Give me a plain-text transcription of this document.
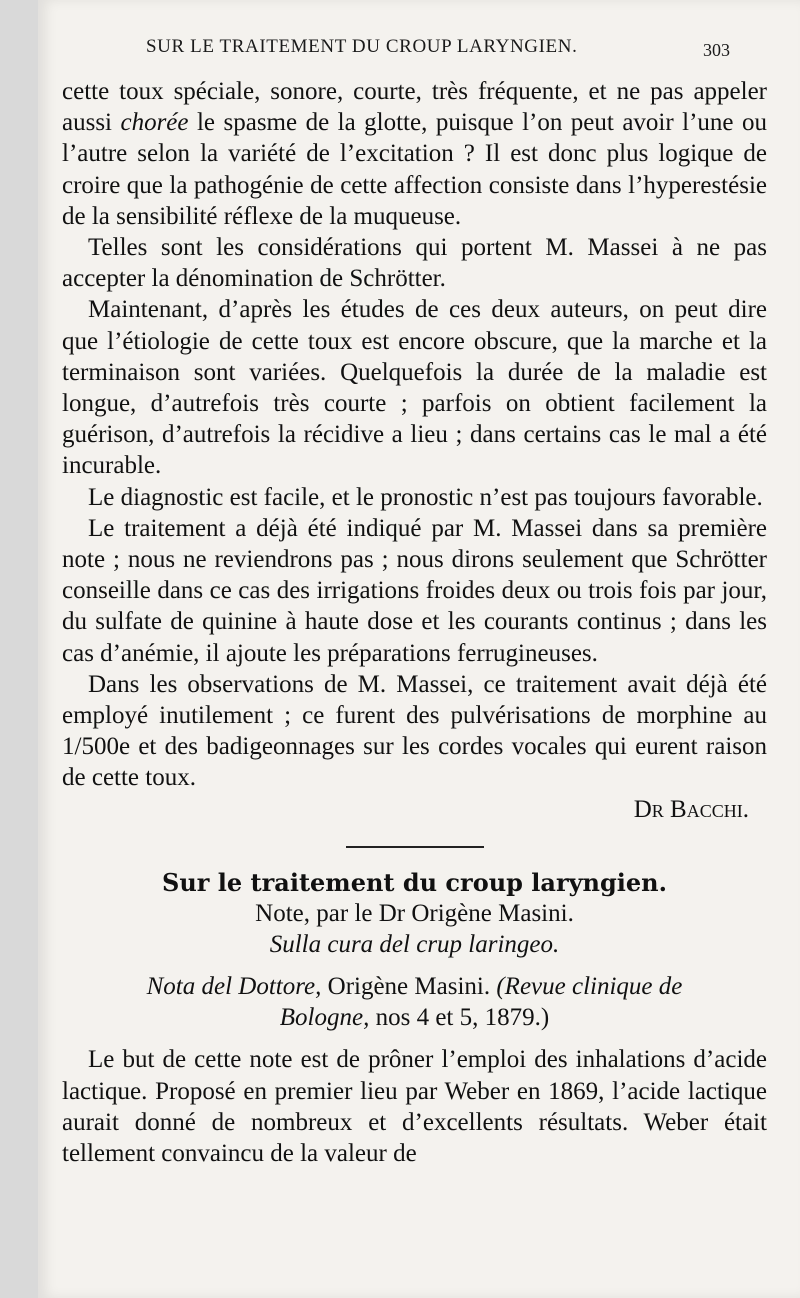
SUR LE TRAITEMENT DU CROUP LARYNGIEN.	303

cette toux spéciale, sonore, courte, très fréquente, et ne pas appeler aussi chorée le spasme de la glotte, puisque l’on peut avoir l’une ou l’autre selon la variété de l’excitation ? Il est donc plus logique de croire que la pathogénie de cette affection consiste dans l’hyperestésie de la sensibilité réflexe de la muqueuse.

Telles sont les considérations qui portent M. Massei à ne pas accepter la dénomination de Schrötter.

Maintenant, d’après les études de ces deux auteurs, on peut dire que l’étiologie de cette toux est encore obscure, que la marche et la terminaison sont variées. Quelquefois la durée de la maladie est longue, d’autrefois très courte ; parfois on obtient facilement la guérison, d’autrefois la récidive a lieu ; dans certains cas le mal a été incurable.

Le diagnostic est facile, et le pronostic n’est pas toujours favorable.

Le traitement a déjà été indiqué par M. Massei dans sa première note ; nous ne reviendrons pas ; nous dirons seulement que Schrötter conseille dans ce cas des irrigations froides deux ou trois fois par jour, du sulfate de quinine à haute dose et les courants continus ; dans les cas d’anémie, il ajoute les préparations ferrugineuses.

Dans les observations de M. Massei, ce traitement avait déjà été employé inutilement ; ce furent des pulvérisations de morphine au 1/500e et des badigeonnages sur les cordes vocales qui eurent raison de cette toux.

Dr Bacchi.

Sur le traitement du croup laryngien.

Note, par le Dr Origène Masini.

Sulla cura del crup laringeo.

Nota del Dottore, Origène Masini. (Revue clinique de

Bologne, nos 4 et 5, 1879.)

Le but de cette note est de prôner l’emploi des inhalations d’acide lactique. Proposé en premier lieu par Weber en 1869, l’acide lactique aurait donné de nombreux et d’excellents résultats. Weber était tellement convaincu de la valeur de
